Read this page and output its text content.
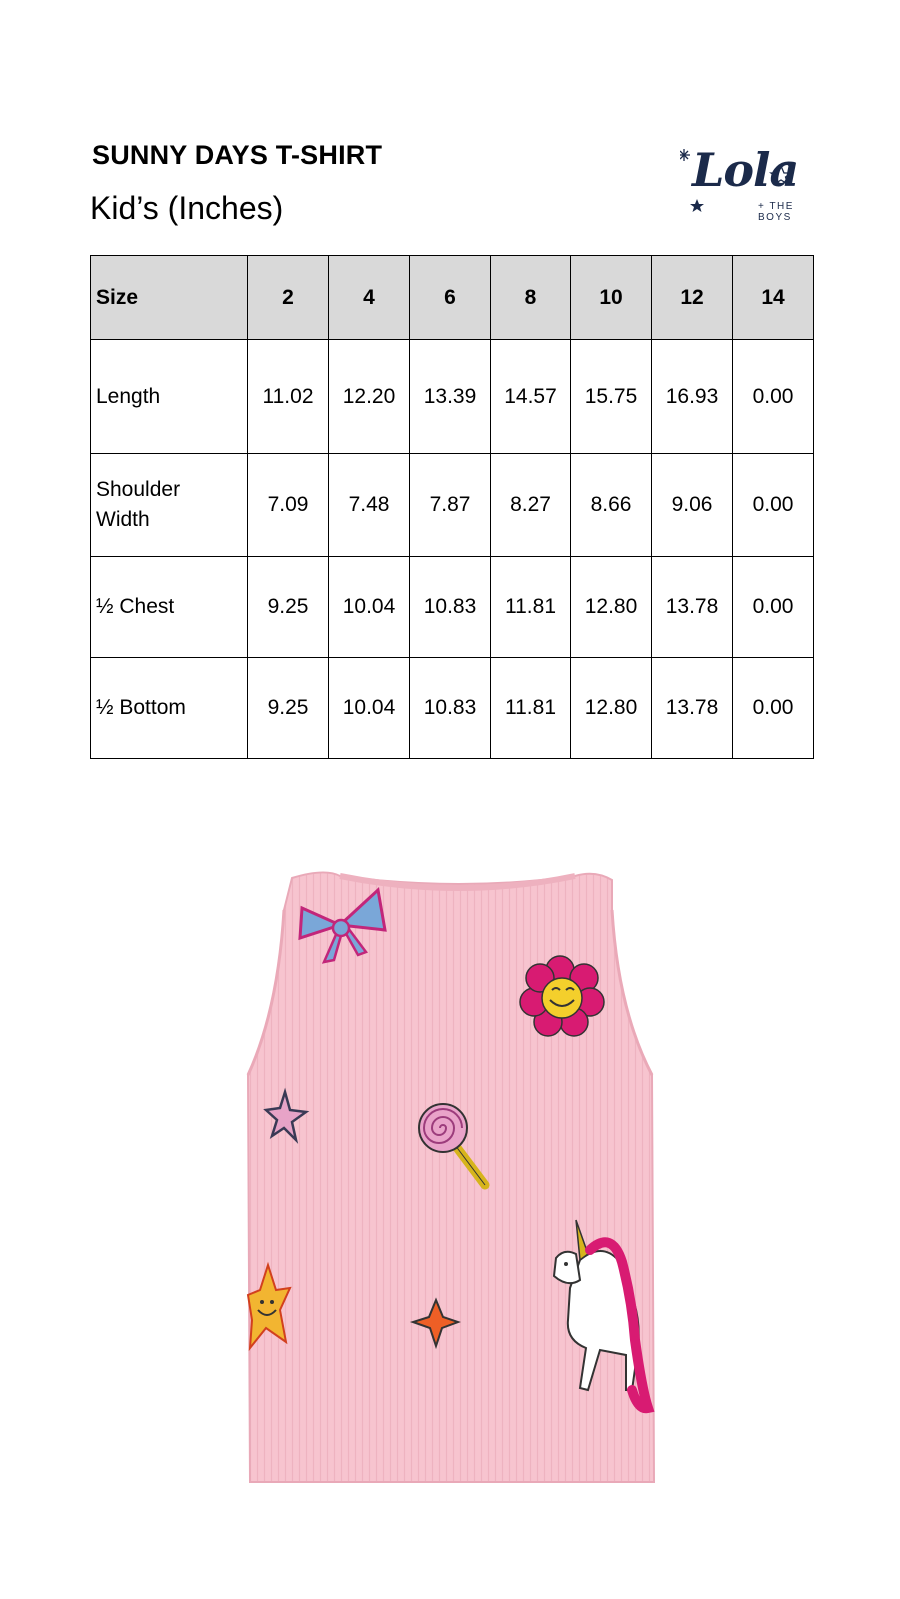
SUNNY DAYS T-SHIRT
Kid’s (Inches)
Lola
+ THE BOYS
Size	2	4	6	8	10	12	14
Length	11.02	12.20	13.39	14.57	15.75	16.93	0.00
Shoulder
Width	7.09	7.48	7.87	8.27	8.66	9.06	0.00
½ Chest	9.25	10.04	10.83	11.81	12.80	13.78	0.00
½ Bottom	9.25	10.04	10.83	11.81	12.80	13.78	0.00
